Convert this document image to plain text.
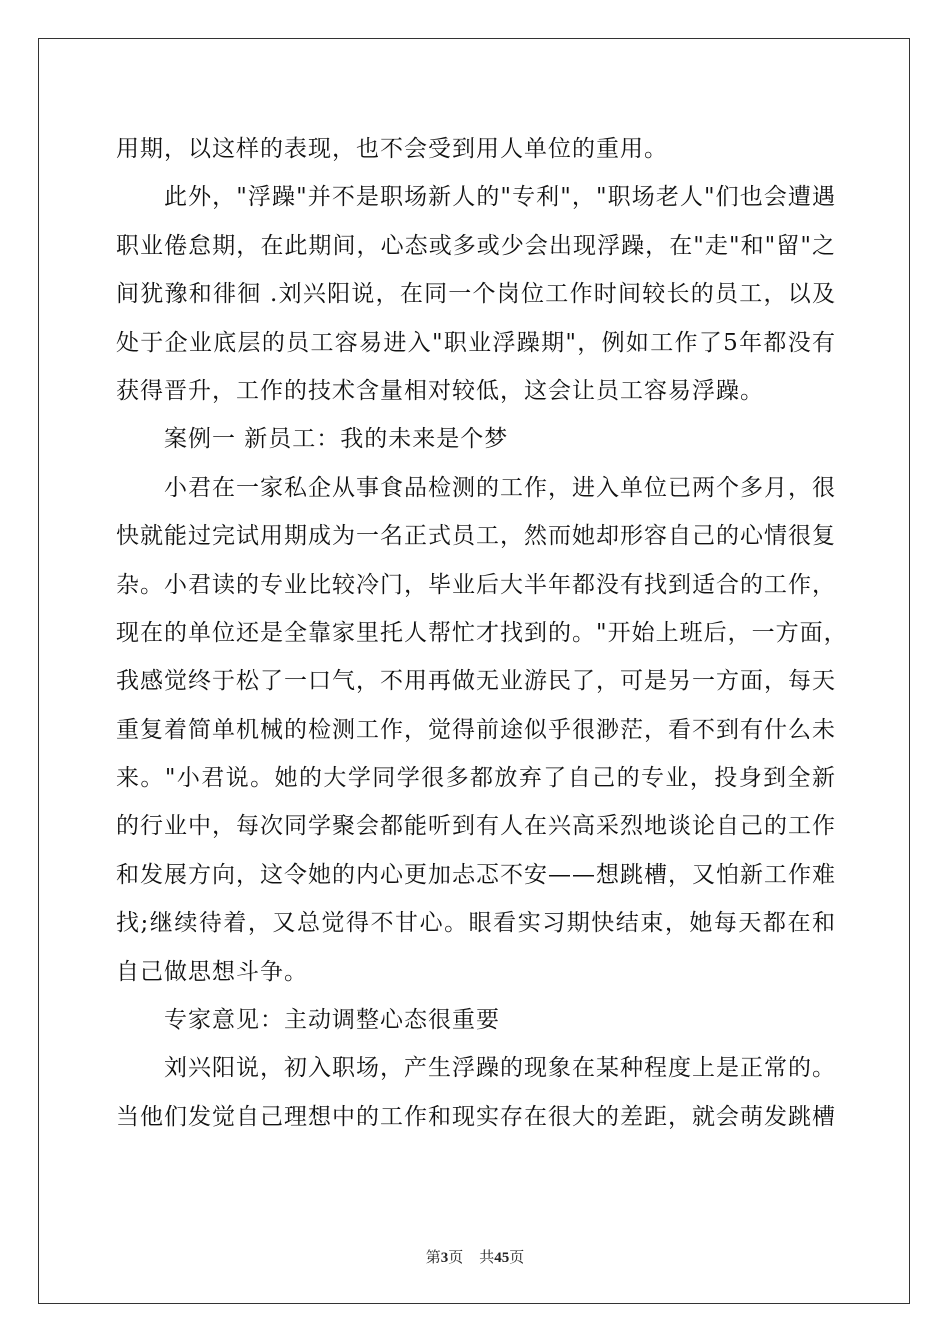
用期，以这样的表现，也不会受到用人单位的重用。
此外，"浮躁"并不是职场新人的"专利"，"职场老人"们也会遭遇
职业倦怠期，在此期间，心态或多或少会出现浮躁，在"走"和"留"之
间犹豫和徘徊 .刘兴阳说，在同一个岗位工作时间较长的员工，以及
处于企业底层的员工容易进入"职业浮躁期"，例如工作了5年都没有
获得晋升，工作的技术含量相对较低，这会让员工容易浮躁。
案例一 新员工：我的未来是个梦
小君在一家私企从事食品检测的工作，进入单位已两个多月，很
快就能过完试用期成为一名正式员工，然而她却形容自己的心情很复
杂。小君读的专业比较冷门，毕业后大半年都没有找到适合的工作，
现在的单位还是全靠家里托人帮忙才找到的。"开始上班后，一方面，
我感觉终于松了一口气，不用再做无业游民了，可是另一方面，每天
重复着简单机械的检测工作，觉得前途似乎很渺茫，看不到有什么未
来。"小君说。她的大学同学很多都放弃了自己的专业，投身到全新
的行业中，每次同学聚会都能听到有人在兴高采烈地谈论自己的工作
和发展方向，这令她的内心更加忐忑不安——想跳槽，又怕新工作难
找;继续待着，又总觉得不甘心。眼看实习期快结束，她每天都在和
自己做思想斗争。
专家意见：主动调整心态很重要
刘兴阳说，初入职场，产生浮躁的现象在某种程度上是正常的。
当他们发觉自己理想中的工作和现实存在很大的差距，就会萌发跳槽
第3页 共45页
